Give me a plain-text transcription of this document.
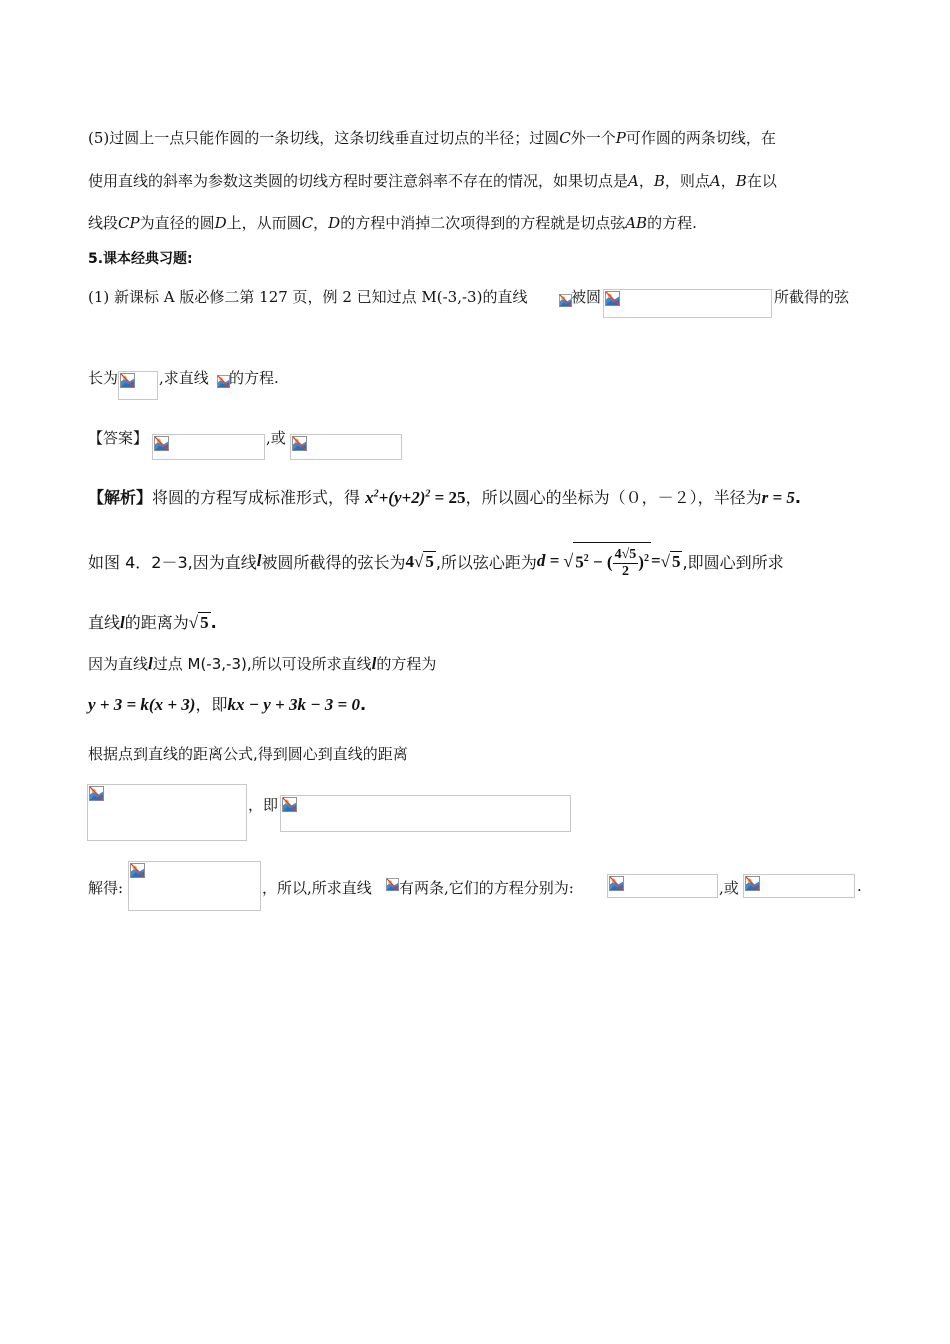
(5)过圆上一点只能作圆的一条切线，这条切线垂直过切点的半径；过圆C外一个P可作圆的两条切线，在
使用直线的斜率为参数这类圆的切线方程时要注意斜率不存在的情况，如果切点是A，B，则点A，B在以
线段CP为直径的圆D上，从而圆C，D的方程中消掉二次项得到的方程就是切点弦AB的方程.
5.课本经典习题:
(1) 新课标 A 版必修二第 127 页，例 2 已知过点 M(-3,-3)的直线	被圆	所截得的弦
长为	,求直线 的方程.
【答案】	,或
【解析】将圆的方程写成标准形式，得 $x^2+(y+2)^2 = 25$，所以圆心的坐标为（０，－２），半径为r = 5.
如图 4．2－3,因为直线 l 被圆所截得的弦长为 4√ 5 ,所以弦心距为 d = √ $5^2$ − ( $\frac{4√5}{2} )^2$ = √ 5 ,即圆心到所求
直线l的距离为√ 5 .
因为直线l过点 M(-3,-3),所以可设所求直线l的方程为
y + 3 = k(x + 3)，即kx − y + 3k − 3 = 0.
根据点到直线的距离公式,得到圆心到直线的距离
，即
解得:	，所以,所求直线 有两条,它们的方程分别为:	,或	.
